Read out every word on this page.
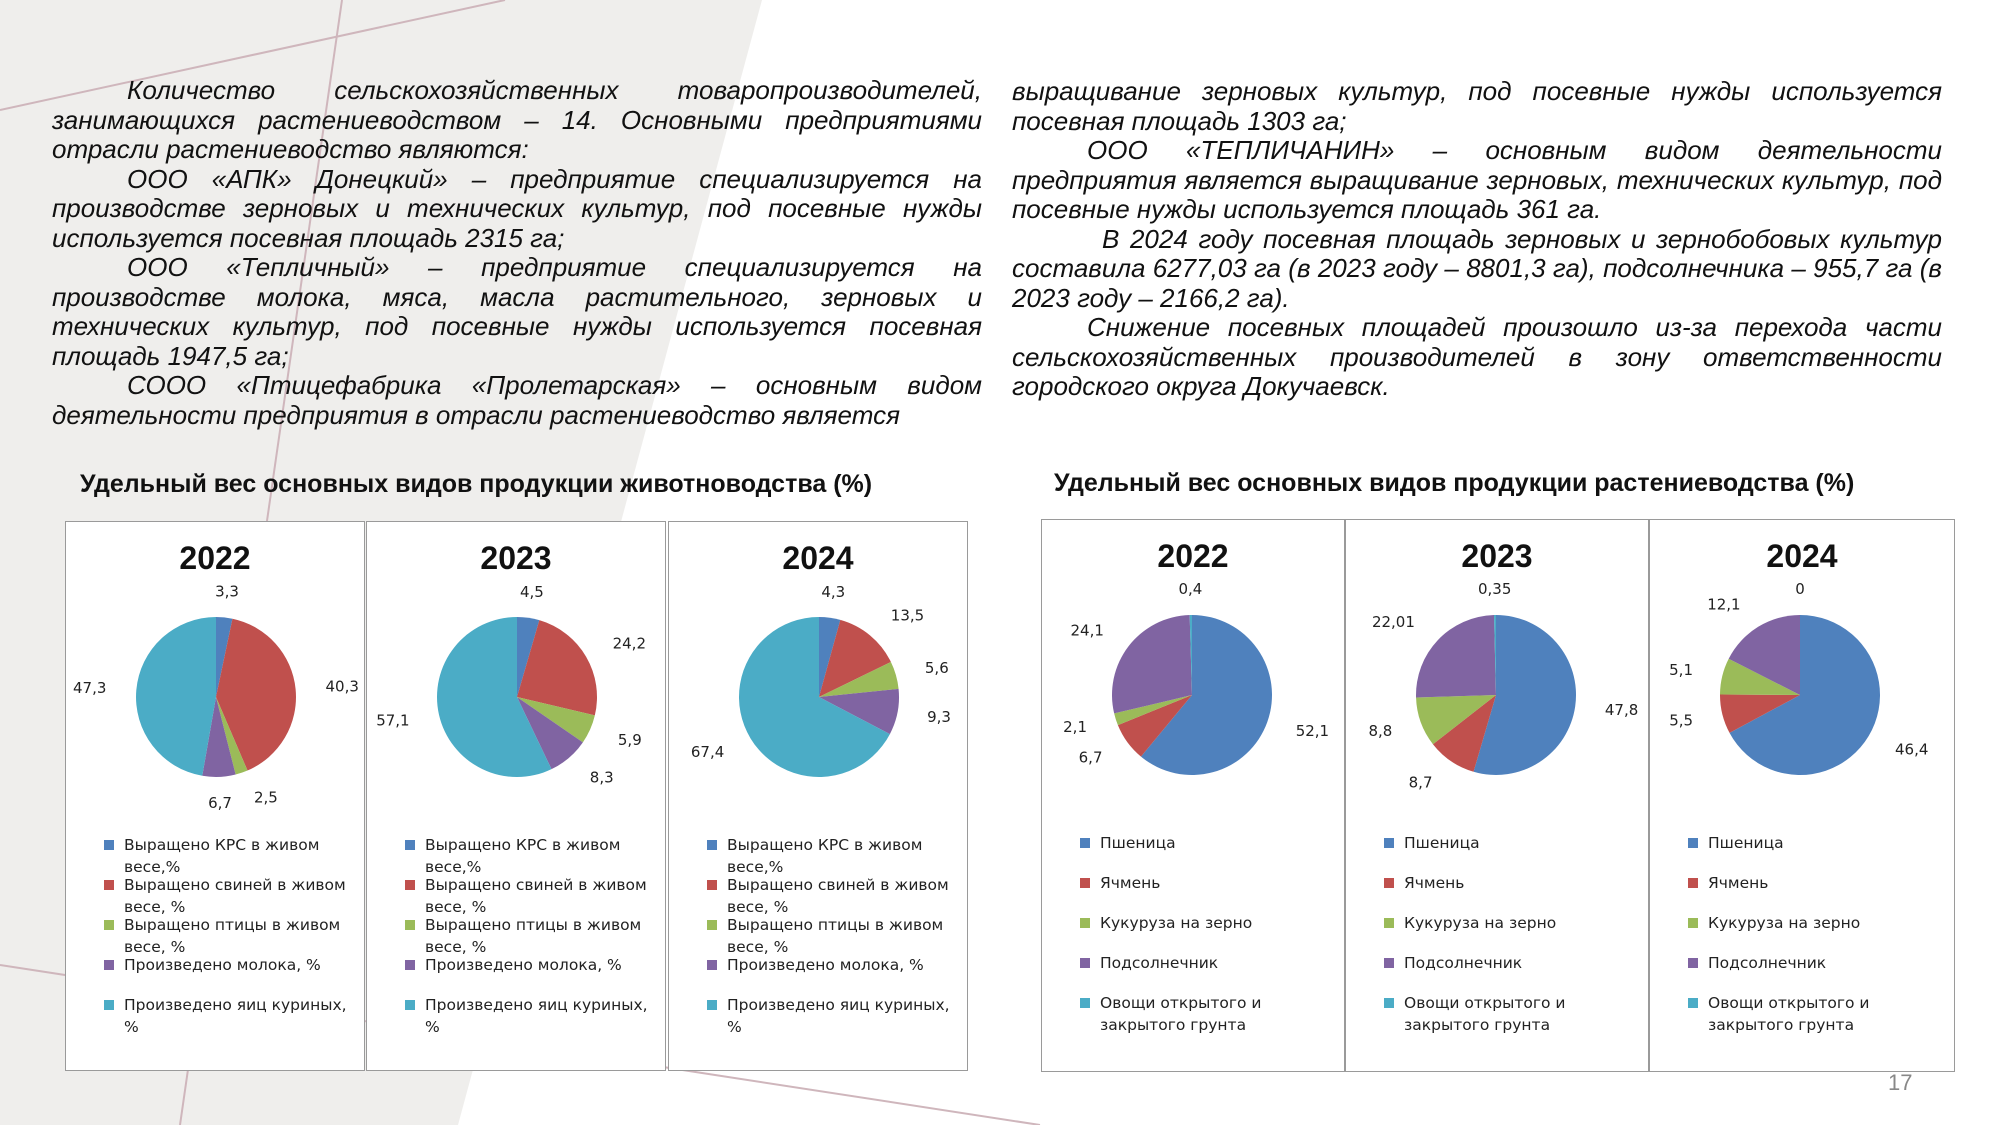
Количество сельскохозяйственных товаропроизводителей, занимающихся растениеводством – 14. Основными предприятиями отрасли растениеводство являются:

ООО «АПК» Донецкий» – предприятие специализируется на производстве зерновых и технических культур, под посевные нужды используется посевная площадь 2315 га;

ООО «Тепличный» – предприятие специализируется на производстве молока, мяса, масла растительного, зерновых и технических культур, под посевные нужды используется посевная площадь 1947,5 га;

СООО «Птицефабрика «Пролетарская» – основным видом деятельности предприятия в отрасли растениеводство является

выращивание зерновых культур, под посевные нужды используется посевная площадь 1303 га;

ООО «ТЕПЛИЧАНИН» – основным видом деятельности предприятия является выращивание зерновых, технических культур, под посевные нужды используется площадь 361 га.

В 2024 году посевная площадь зерновых и зернобобовых культур составила 6277,03 га (в 2023 году – 8801,3 га), подсолнечника – 955,7 га (в 2023 году – 2166,2 га).

Снижение посевных площадей произошло из-за перехода части сельскохозяйственных производителей в зону ответственности городского округа Докучаевск.

Удельный вес основных видов продукции животноводства (%)	Удельный вес основных видов продукции растениеводства (%)
2022
3,3
40,3
2,5
6,7
47,3
Выращено КРС в живом весе,%
Выращено свиней в живом весе, %
Выращено птицы в живом весе, %
Произведено молока, %
Произведено яиц куриных, %
2023
4,5
24,2
5,9
8,3
57,1
Выращено КРС в живом весе,%
Выращено свиней в живом весе, %
Выращено птицы в живом весе, %
Произведено молока, %
Произведено яиц куриных, %
2024
4,3
13,5
5,6
9,3
67,4
Выращено КРС в живом весе,%
Выращено свиней в живом весе, %
Выращено птицы в живом весе, %
Произведено молока, %
Произведено яиц куриных, %
2022
52,1
6,7
2,1
24,1
0,4
Пшеница
Ячмень
Кукуруза на зерно
Подсолнечник
Овощи открытого и закрытого грунта
2023
47,8
8,7
8,8
22,01
0,35
Пшеница
Ячмень
Кукуруза на зерно
Подсолнечник
Овощи открытого и закрытого грунта
2024
46,4
5,5
5,1
12,1
0
Пшеница
Ячмень
Кукуруза на зерно
Подсолнечник
Овощи открытого и закрытого грунта
17
